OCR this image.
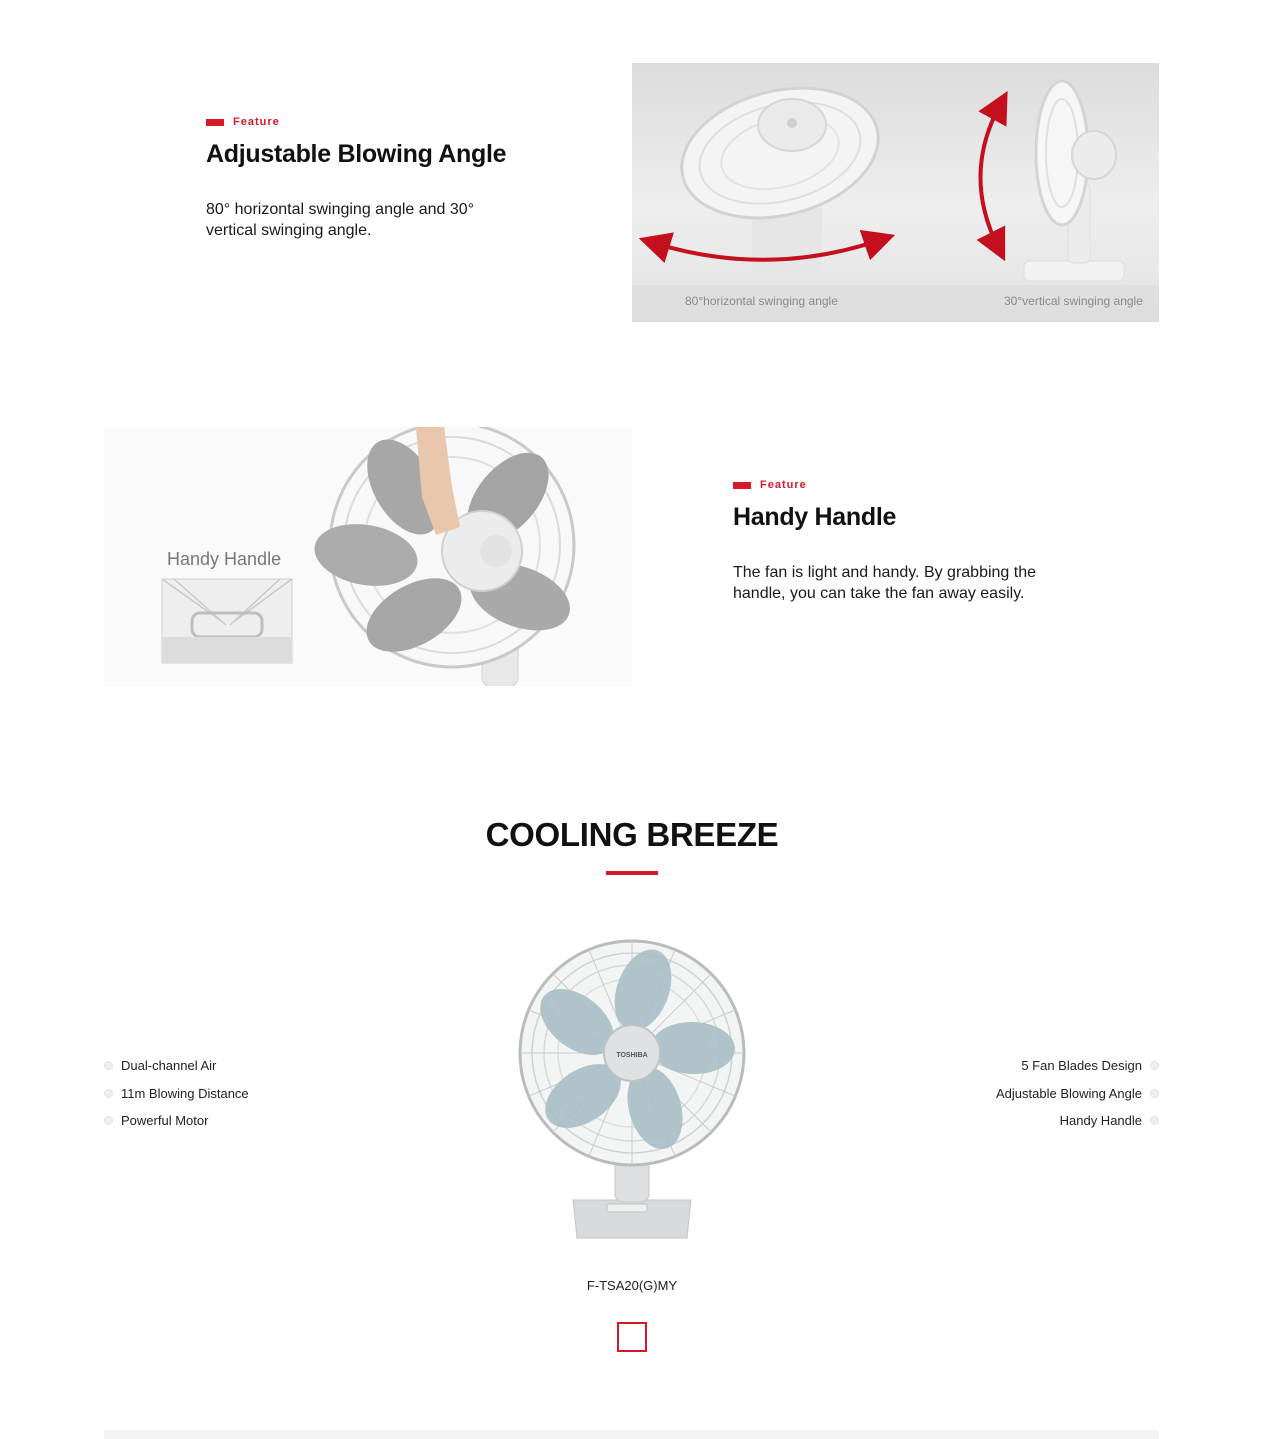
Feature
Adjustable Blowing Angle

80° horizontal swinging angle and 30° vertical swinging angle.

80°horizontal swinging angle	30°vertical swinging angle
Handy Handle
Feature
Handy Handle

The fan is light and handy. By grabbing the handle, you can take the fan away easily.

COOLING BREEZE
Dual-channel Air
11m Blowing Distance
Powerful Motor
5 Fan Blades Design
Adjustable Blowing Angle
Handy Handle
TOSHIBA
F-TSA20(G)MY
